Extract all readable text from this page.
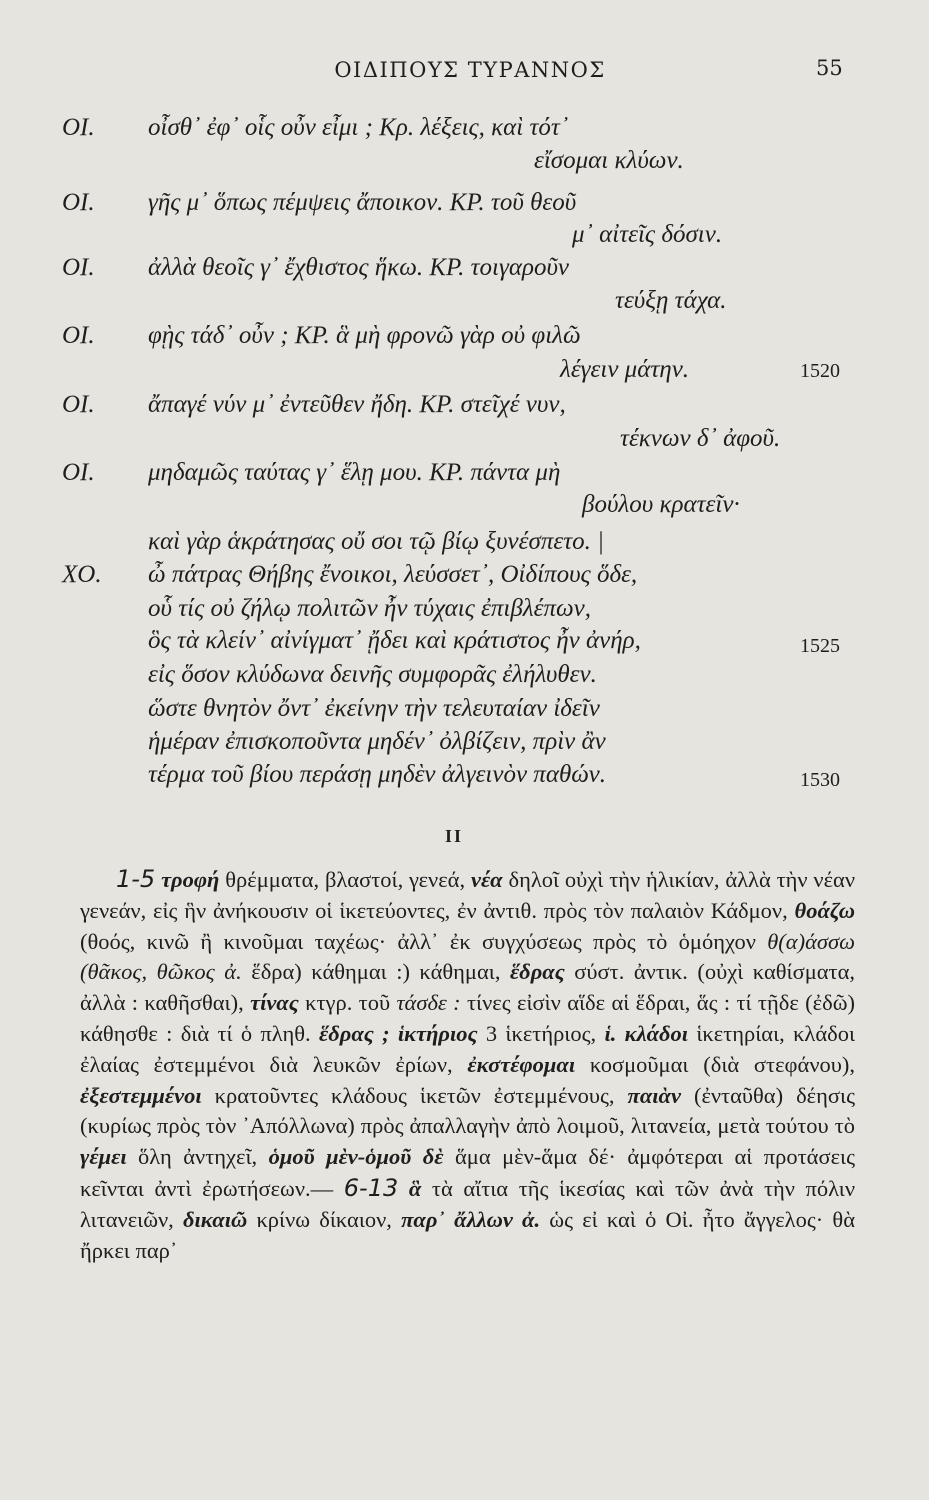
ΟΙΔΙΠΟΥΣ ΤΥΡΑΝΝΟΣ	55
ΟΙ. οἶσθ᾽ ἐφ᾽ οἷς οὖν εἶμι ; Κρ. λέξεις, καὶ τότ᾽
εἴσομαι κλύων.
ΟΙ. γῆς μ᾽ ὅπως πέμψεις ἄποικον. ΚΡ. τοῦ θεοῦ
μ᾽ αἰτεῖς δόσιν.
ΟΙ. ἀλλὰ θεοῖς γ᾽ ἔχθιστος ἥκω. ΚΡ. τοιγαροῦν
τεύξῃ τάχα.
ΟΙ. φῂς τάδ᾽ οὖν ; ΚΡ. ἃ μὴ φρονῶ γὰρ οὐ φιλῶ
λέγειν μάτην.	1520
ΟΙ. ἄπαγέ νύν μ᾽ ἐντεῦθεν ἤδη. ΚΡ. στεῖχέ νυν,
τέκνων δ᾽ ἀφοῦ.
ΟΙ. μηδαμῶς ταύτας γ᾽ ἕλῃ μου. ΚΡ. πάντα μὴ
βούλου κρατεῖν·
καὶ γὰρ ἁκράτησας οὔ σοι τῷ βίῳ ξυνέσπετο. |
ΧΟ. ὦ πάτρας Θήβης ἔνοικοι, λεύσσετ᾽, Οἰδίπους ὅδε,
οὗ τίς οὐ ζήλῳ πολιτῶν ἦν τύχαις ἐπιβλέπων,
ὃς τὰ κλείν᾽ αἰνίγματ᾽ ᾔδει καὶ κράτιστος ἦν ἀνήρ,	1525
εἰς ὅσον κλύδωνα δεινῆς συμφορᾶς ἐλήλυθεν.
ὥστε θνητὸν ὄντ᾽ ἐκείνην τὴν τελευταίαν ἰδεῖν
ἡμέραν ἐπισκοποῦντα μηδέν᾽ ὀλβίζειν, πρὶν ἂν
τέρμα τοῦ βίου περάσῃ μηδὲν ἀλγεινὸν παθών.	1530
ΙΙ
1-5 τροφή θρέμματα, βλαστοί, γενεά, νέα δηλοῖ οὐχὶ τὴν ἡλικίαν, ἀλλὰ τὴν νέαν γενεάν, εἰς ἣν ἀνήκουσιν οἱ ἱκετεύοντες, ἐν ἀντιθ. πρὸς τὸν παλαιὸν Κάδμον, θοάζω (θοός, κινῶ ἢ κινοῦμαι ταχέως· ἀλλ᾽ ἐκ συγχύσεως πρὸς τὸ ὁμόηχον θ(α)άσσω (θᾶκος, θῶκος ἀ. ἕδρα) κάθημαι :) κάθημαι, ἕδρας σύστ. ἀντικ. (οὐχὶ καθίσματα, ἀλλὰ : καθῆσθαι), τίνας κτγρ. τοῦ τάσδε : τίνες εἰσὶν αἵδε αἱ ἕδραι, ἅς : τί τῇδε (ἐδῶ) κάθησθε : διὰ τί ὁ πληθ. ἕδρας ; ἱκτήριος 3 ἱκετήριος, ἱ. κλάδοι ἱκετηρίαι, κλάδοι ἐλαίας ἐστεμμένοι διὰ λευκῶν ἐρίων, ἐκστέφομαι κοσμοῦμαι (διὰ στεφάνου), ἐξεστεμμένοι κρατοῦντες κλάδους ἱκετῶν ἐστεμμένους, παιὰν (ἐνταῦθα) δέησις (κυρίως πρὸς τὸν ᾿Απόλλωνα) πρὸς ἀπαλλαγὴν ἀπὸ λοιμοῦ, λιτανεία, μετὰ τούτου τὸ γέμει ὅλη ἀντηχεῖ, ὁμοῦ μὲν-ὁμοῦ δὲ ἅμα μὲν-ἅμα δέ· ἀμφότεραι αἱ προτάσεις κεῖνται ἀντὶ ἐρωτήσεων.— 6-13 ἃ τὰ αἴτια τῆς ἱκεσίας καὶ τῶν ἀνὰ τὴν πόλιν λιτανειῶν, δικαιῶ κρίνω δίκαιον, παρ᾽ ἄλλων ἀ. ὡς εἰ καὶ ὁ Οἰ. ἦτο ἄγγελος· θὰ ἤρκει παρ᾽
